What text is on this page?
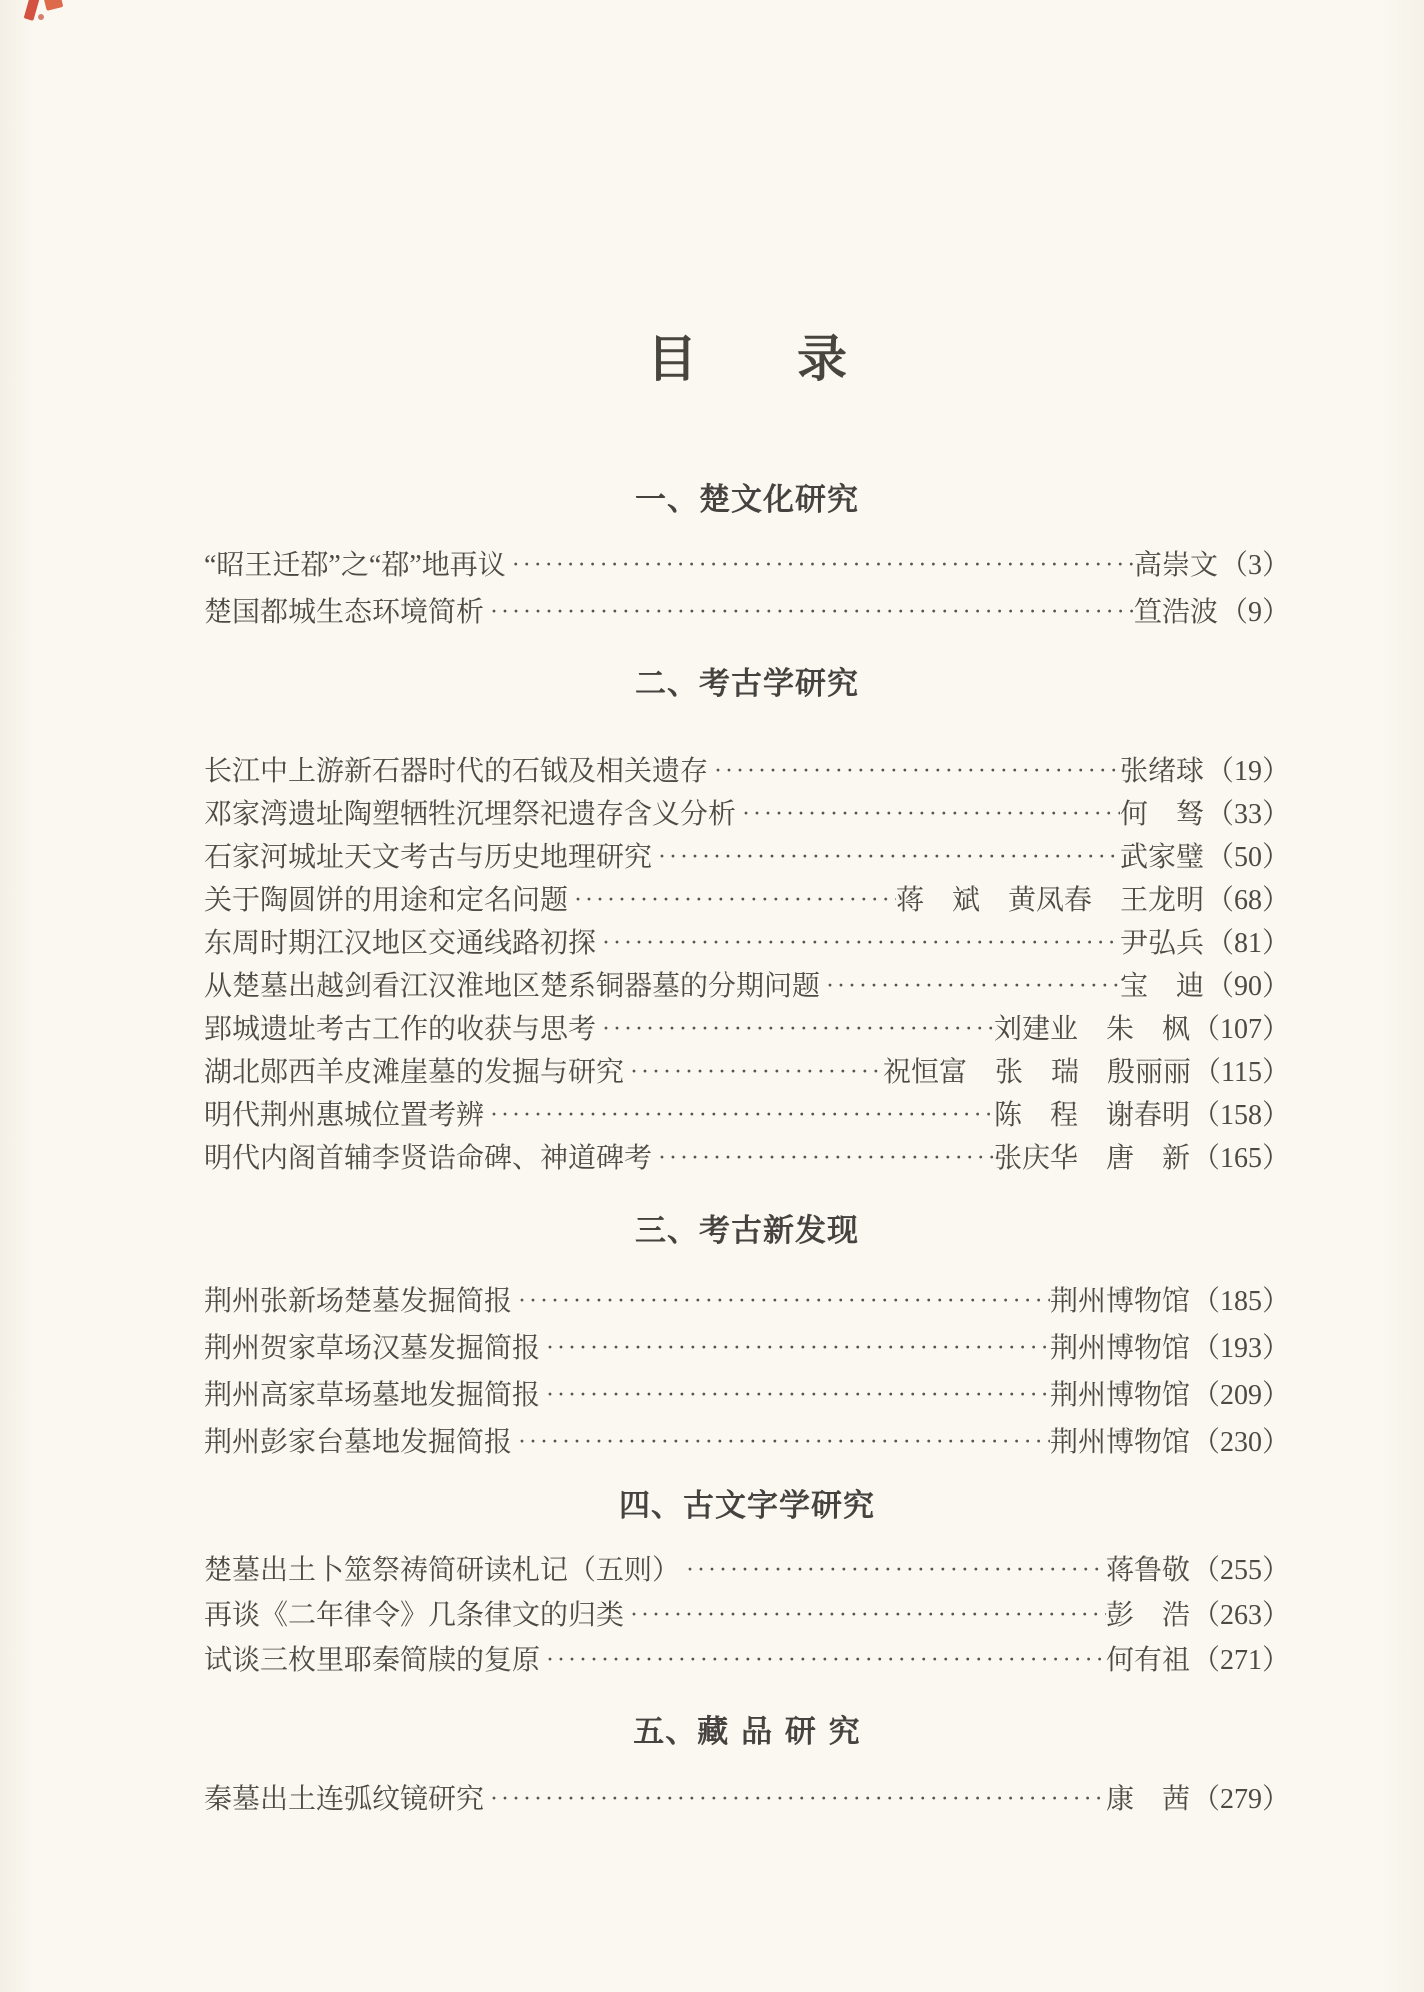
目　　录
一、楚文化研究
“昭王迁鄀”之“鄀”地再议 ·····	高崇文（3）
楚国都城生态环境简析 ·····	笪浩波（9）
二、考古学研究
长江中上游新石器时代的石钺及相关遗存 ·····	张绪球（19）
邓家湾遗址陶塑牺牲沉埋祭祀遗存含义分析 ·····	何　驽（33）
石家河城址天文考古与历史地理研究 ·····	武家璧（50）
关于陶圆饼的用途和定名问题 ·····	蒋　斌　黄凤春　王龙明（68）
东周时期江汉地区交通线路初探 ·····	尹弘兵（81）
从楚墓出越剑看江汉淮地区楚系铜器墓的分期问题 ·····	宝　迪（90）
郢城遗址考古工作的收获与思考 ·····	刘建业　朱　枫（107）
湖北郧西羊皮滩崖墓的发掘与研究 ·····	祝恒富　张　瑞　殷丽丽（115）
明代荆州惠城位置考辨 ·····	陈　程　谢春明（158）
明代内阁首辅李贤诰命碑、神道碑考 ·····	张庆华　唐　新（165）
三、考古新发现
荆州张新场楚墓发掘简报 ·····	荆州博物馆（185）
荆州贺家草场汉墓发掘简报 ·····	荆州博物馆（193）
荆州高家草场墓地发掘简报 ·····	荆州博物馆（209）
荆州彭家台墓地发掘简报 ·····	荆州博物馆（230）
四、古文字学研究
楚墓出土卜筮祭祷简研读札记（五则） ·····	蒋鲁敬（255）
再谈《二年律令》几条律文的归类 ·····	彭　浩（263）
试谈三枚里耶秦简牍的复原 ·····	何有祖（271）
五、藏 品 研 究
秦墓出土连弧纹镜研究 ·····	康　茜（279）
